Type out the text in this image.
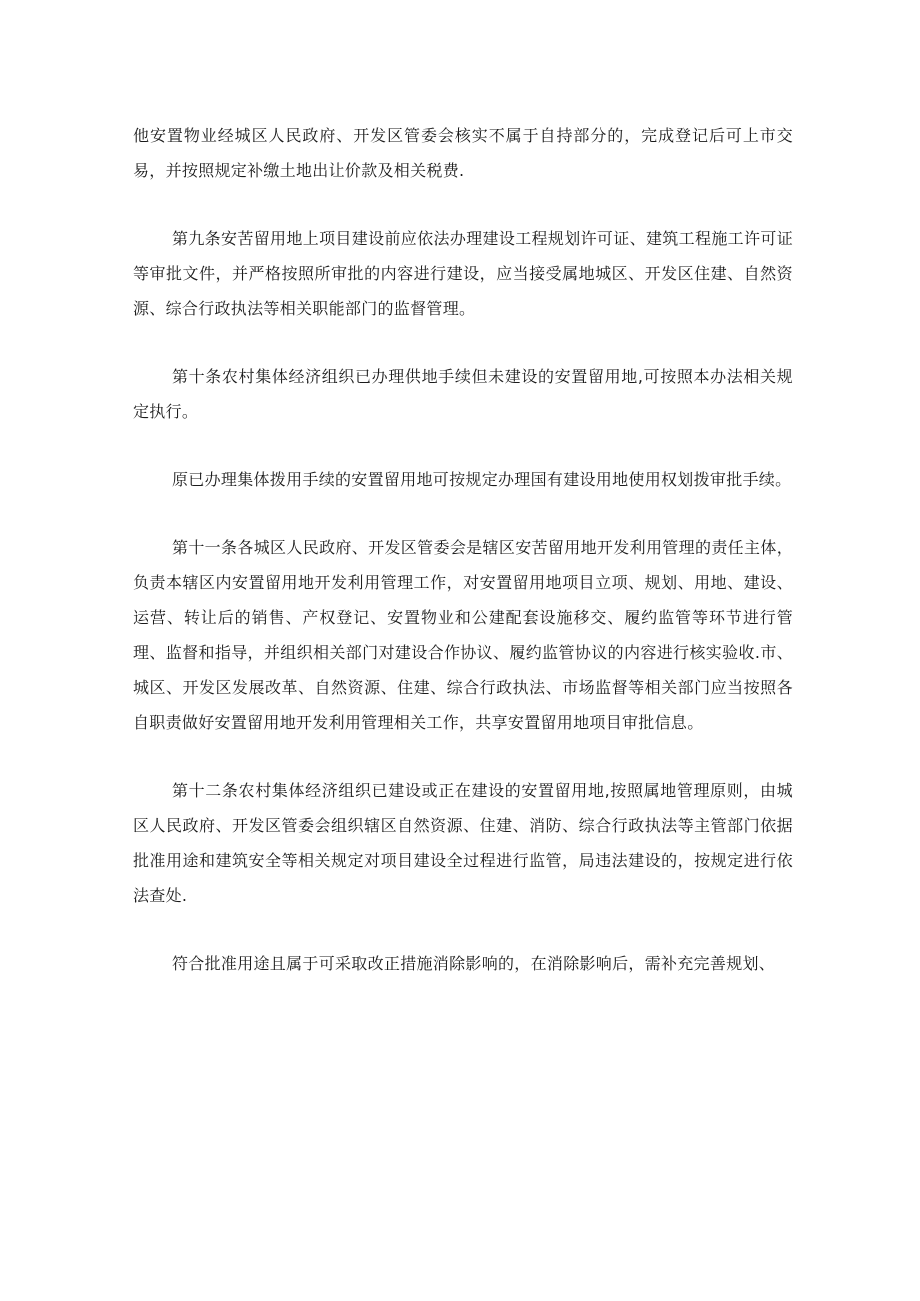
他安置物业经城区人民政府、开发区管委会核实不属于自持部分的，完成登记后可上市交易，并按照规定补缴土地出让价款及相关税费.

第九条安苦留用地上项目建设前应依法办理建设工程规划许可证、建筑工程施工许可证等审批文件，并严格按照所审批的内容进行建设，应当接受属地城区、开发区住建、自然资源、综合行政执法等相关职能部门的监督管理。

第十条农村集体经济组织已办理供地手续但未建设的安置留用地,可按照本办法相关规定执行。

原已办理集体拨用手续的安置留用地可按规定办理国有建设用地使用权划拨审批手续。

第十一条各城区人民政府、开发区管委会是辖区安苦留用地开发利用管理的责任主体，负责本辖区内安置留用地开发利用管理工作，对安置留用地项目立项、规划、用地、建设、运营、转让后的销售、产权登记、安置物业和公建配套设施移交、履约监管等环节进行管理、监督和指导，并组织相关部门对建设合作协议、履约监管协议的内容进行核实验收.市、城区、开发区发展改革、自然资源、住建、综合行政执法、市场监督等相关部门应当按照各自职责做好安置留用地开发利用管理相关工作，共享安置留用地项目审批信息。

第十二条农村集体经济组织已建设或正在建设的安置留用地,按照属地管理原则，由城区人民政府、开发区管委会组织辖区自然资源、住建、消防、综合行政执法等主管部门依据批准用途和建筑安全等相关规定对项目建设全过程进行监管，局违法建设的，按规定进行依法查处.

符合批准用途且属于可采取改正措施消除影响的，在消除影响后，需补充完善规划、
